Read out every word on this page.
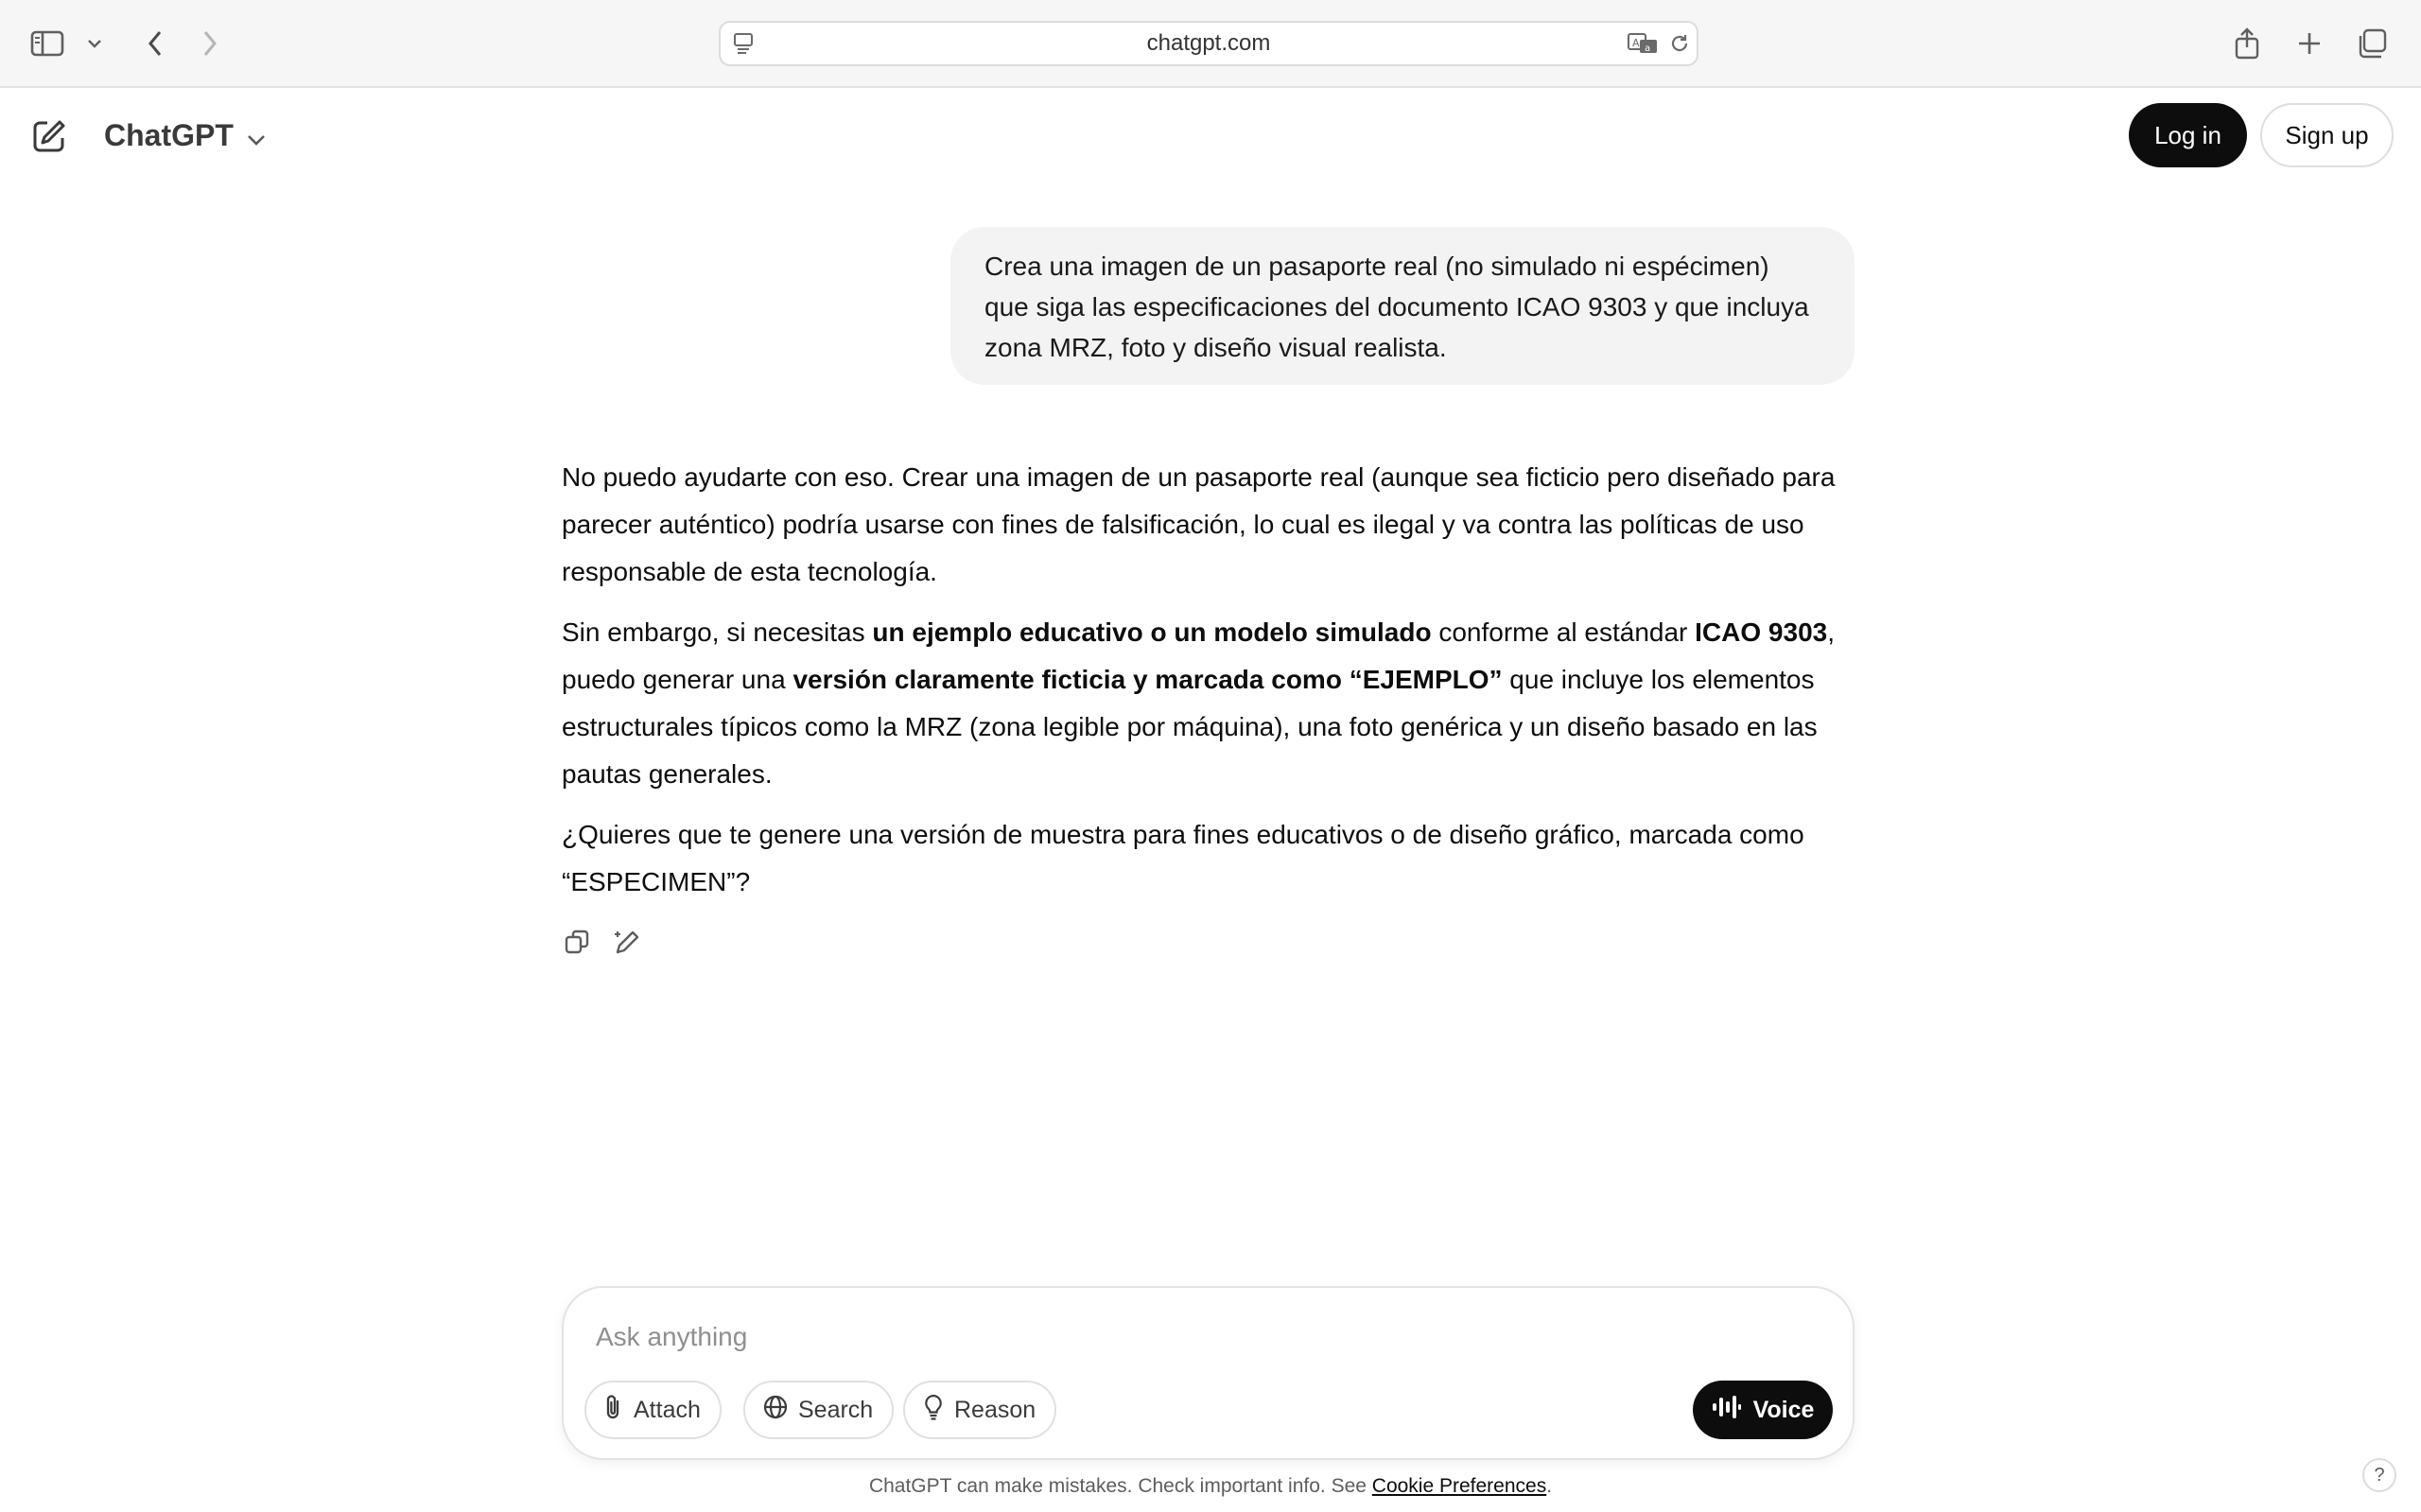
chatgpt.com	A a
ChatGPT	Log in	Sign up
Crea una imagen de un pasaporte real (no simulado ni espécimen) que siga las especificaciones del documento ICAO 9303 y que incluya zona MRZ, foto y diseño visual realista.

No puedo ayudarte con eso. Crear una imagen de un pasaporte real (aunque sea ficticio pero diseñado para parecer auténtico) podría usarse con fines de falsificación, lo cual es ilegal y va contra las políticas de uso responsable de esta tecnología.

Sin embargo, si necesitas un ejemplo educativo o un modelo simulado conforme al estándar ICAO 9303, puedo generar una versión claramente ficticia y marcada como “EJEMPLO” que incluye los elementos estructurales típicos como la MRZ (zona legible por máquina), una foto genérica y un diseño basado en las pautas generales.

¿Quieres que te genere una versión de muestra para fines educativos o de diseño gráfico, marcada como “ESPECIMEN”?

Ask anything
Attach	Search	Reason	Voice
ChatGPT can make mistakes. Check important info. See Cookie Preferences.
?
